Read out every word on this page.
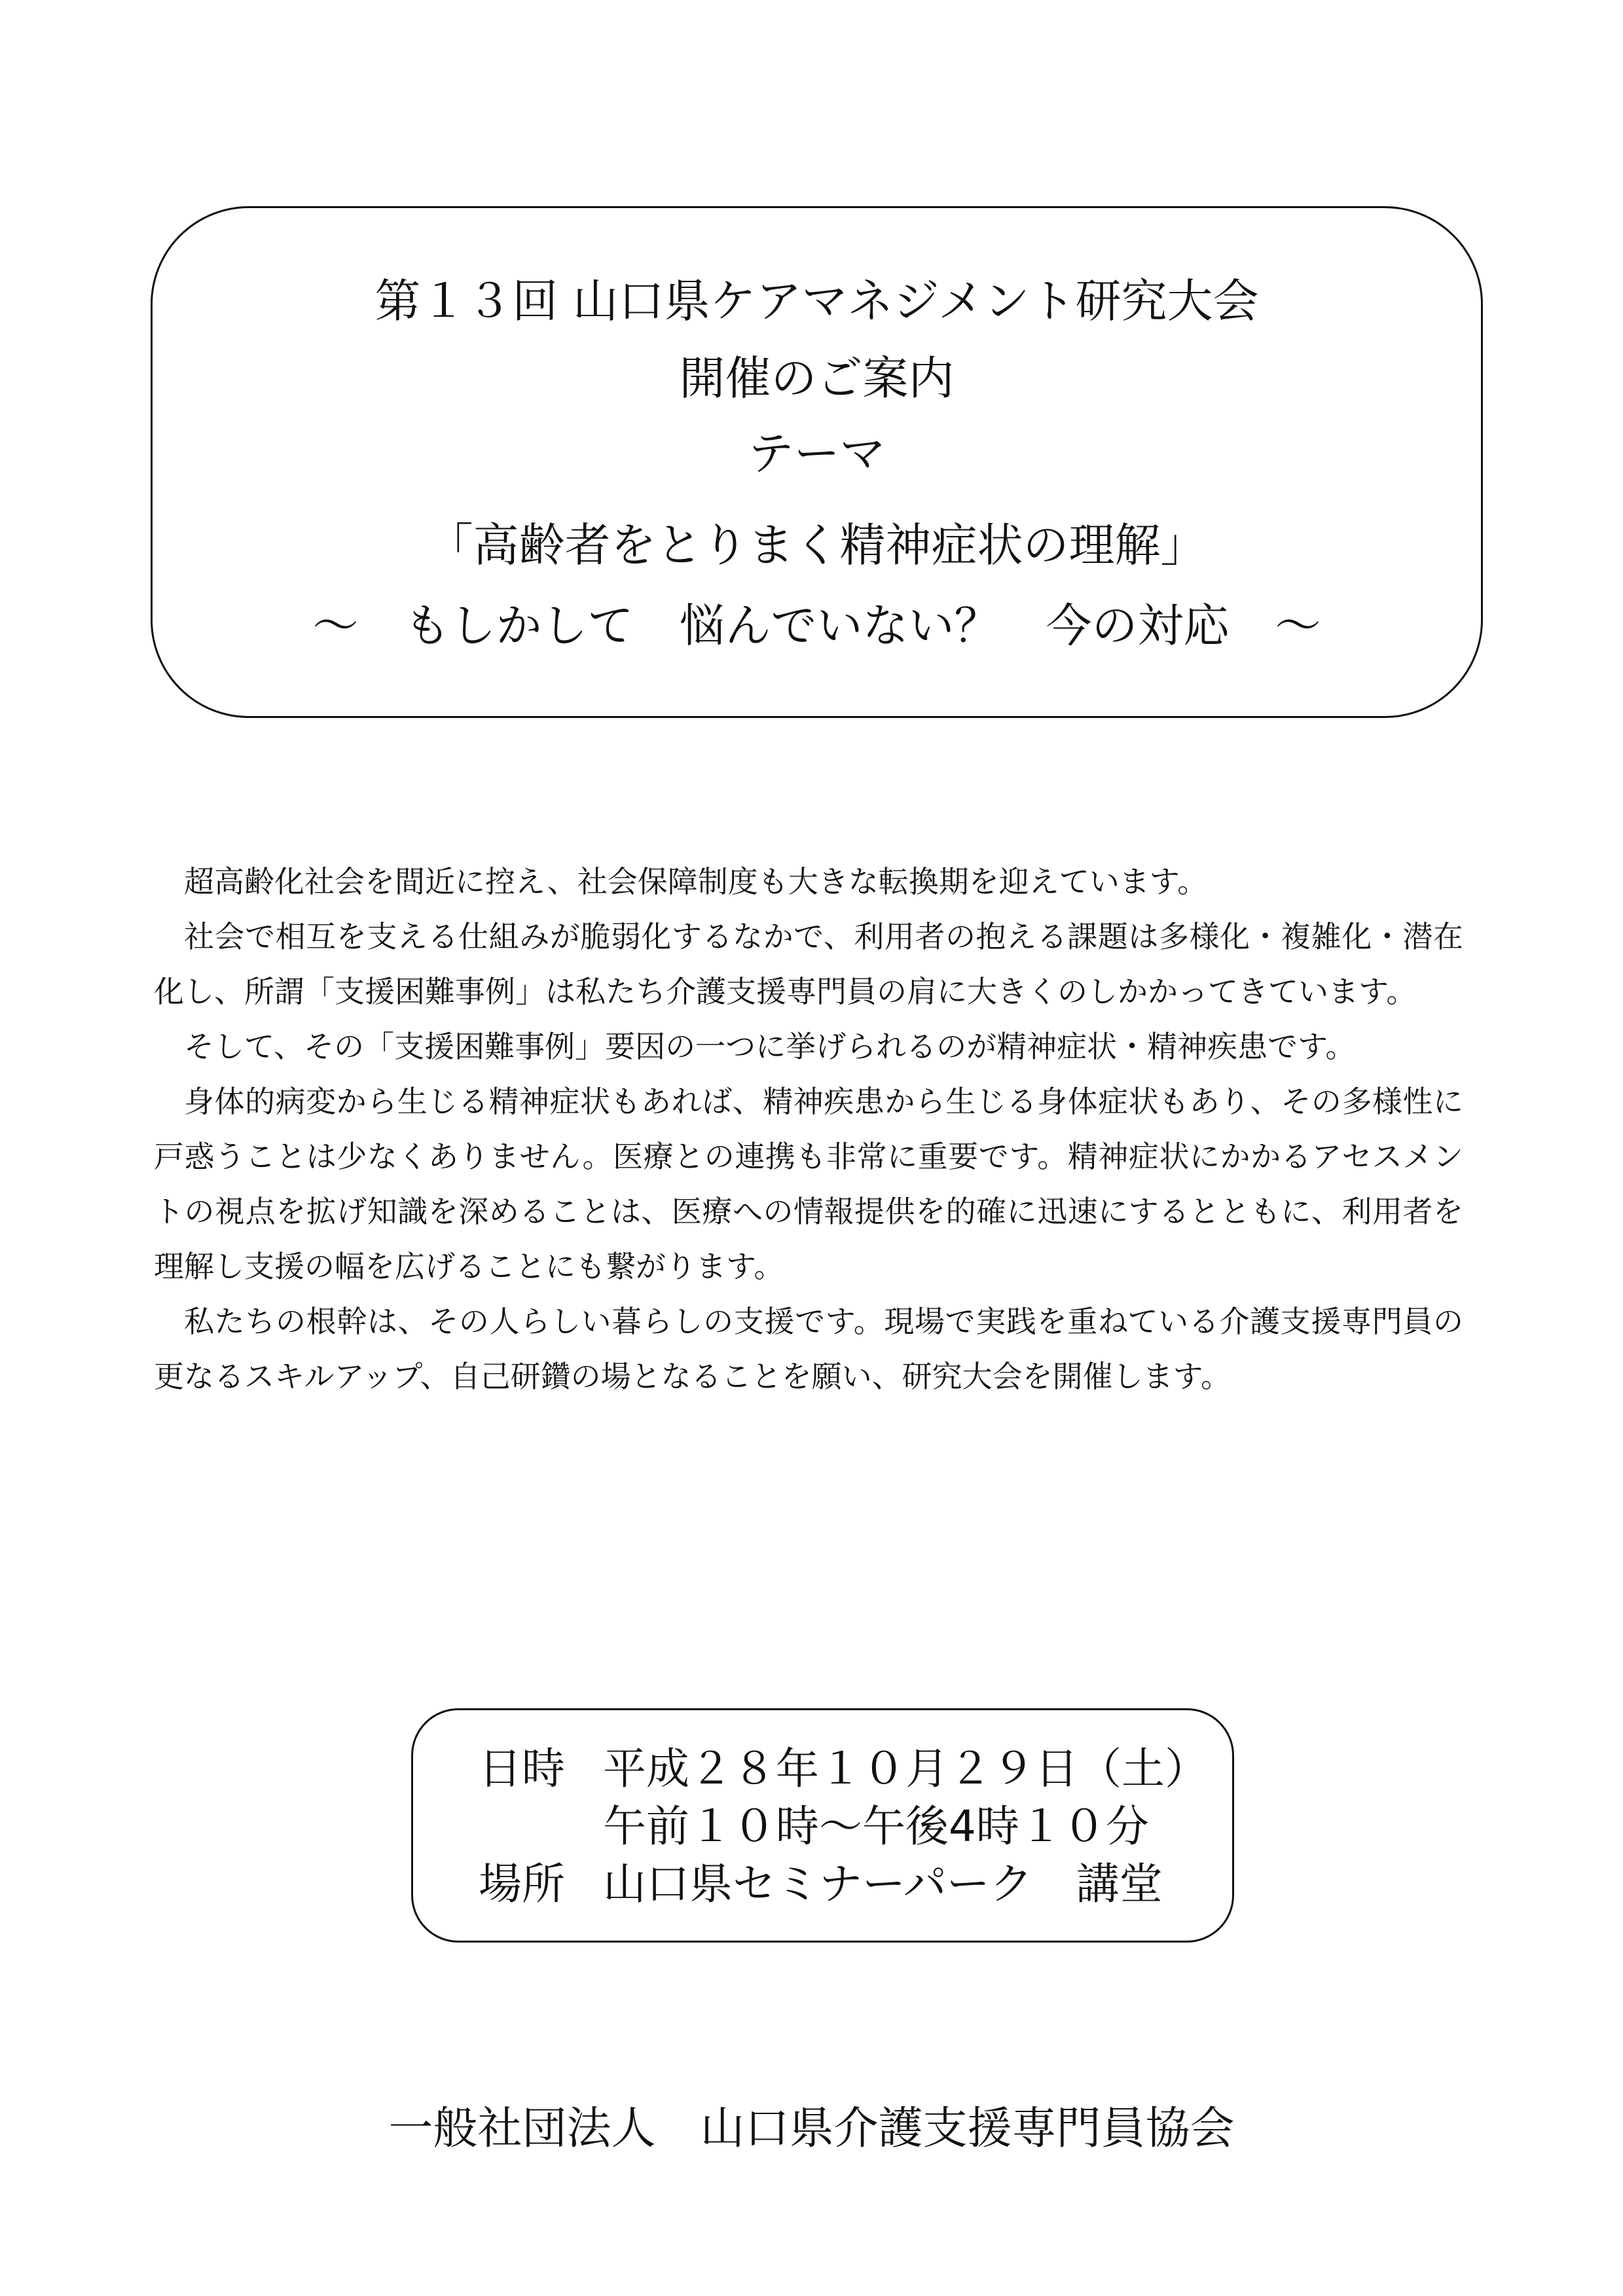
第１３回 山口県ケアマネジメント研究大会
開催のご案内
テーマ
「高齢者をとりまく精神症状の理解」
～　もしかして　悩んでいない？　今の対応　～

超高齢化社会を間近に控え、社会保障制度も大きな転換期を迎えています。

社会で相互を支える仕組みが脆弱化するなかで、利用者の抱える課題は多様化・複雑化・潜在化し、所謂「支援困難事例」は私たち介護支援専門員の肩に大きくのしかかってきています。

そして、その「支援困難事例」要因の一つに挙げられるのが精神症状・精神疾患です。

身体的病変から生じる精神症状もあれば、精神疾患から生じる身体症状もあり、その多様性に戸惑うことは少なくありません。医療との連携も非常に重要です。精神症状にかかるアセスメントの視点を拡げ知識を深めることは、医療への情報提供を的確に迅速にするとともに、利用者を理解し支援の幅を広げることにも繋がります。

私たちの根幹は、その人らしい暮らしの支援です。現場で実践を重ねている介護支援専門員の更なるスキルアップ、自己研鑽の場となることを願い、研究大会を開催します。

日時 平成２８年１０月２９日（土）
午前１０時～午後4時１０分
場所 山口県セミナーパーク　講堂
一般社団法人　山口県介護支援専門員協会
